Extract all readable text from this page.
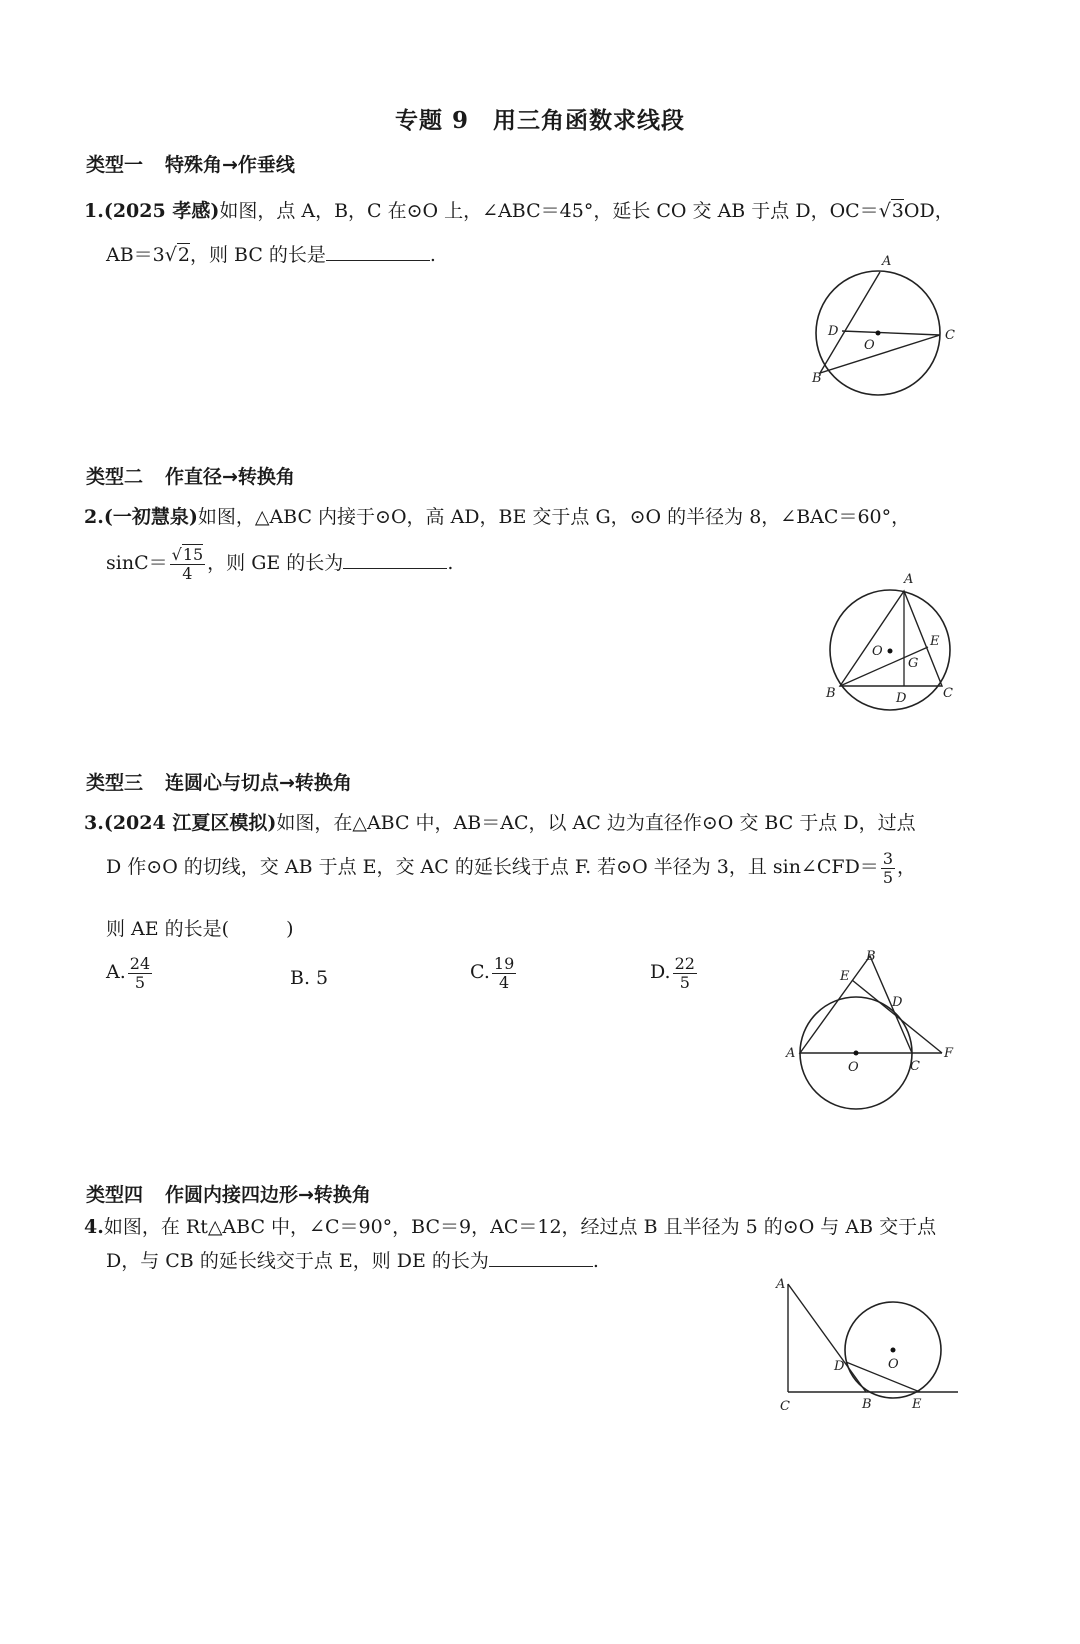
专题 9　用三角函数求线段
类型一 特殊角→作垂线
1.(2025 孝感)如图，点 A，B，C 在⊙O 上，∠ABC＝45°，延长 CO 交 AB 于点 D，OC＝√3OD，
AB＝3√2，则 BC 的长是	.	A
B
C
D
O
类型二 作直径→转换角
2.(一初慧泉)如图，△ABC 内接于⊙O，高 AD，BE 交于点 G，⊙O 的半径为 8，∠BAC＝60°，
$\sin C= \frac{√15}{4}$ ，则 GE 的长为	.
A
B	C
D
E
G
O
类型三 连圆心与切点→转换角
3.(2024 江夏区模拟)如图，在△ABC 中，AB＝AC，以 AC 边为直径作⊙O 交 BC 于点 D，过点
D 作⊙O 的切线，交 AB 于点 E，交 AC 的延长线于点 F. 若⊙O 半径为 3，且 sin∠CFD＝ $\frac{3}{5}$ ，
则 AE 的长是(　　　)
A. $\frac{24}{5}$	B. 5	C. $\frac{19}{4}$	D. $\frac{22}{5}$	B
E
D
A
O	C
F
类型四 作圆内接四边形→转换角
4.如图，在 Rt△ABC 中，∠C＝90°，BC＝9，AC＝12，经过点 B 且半径为 5 的⊙O 与 AB 交于点
D，与 CB 的延长线交于点 E，则 DE 的长为	.
A
C	B	E
D	O
